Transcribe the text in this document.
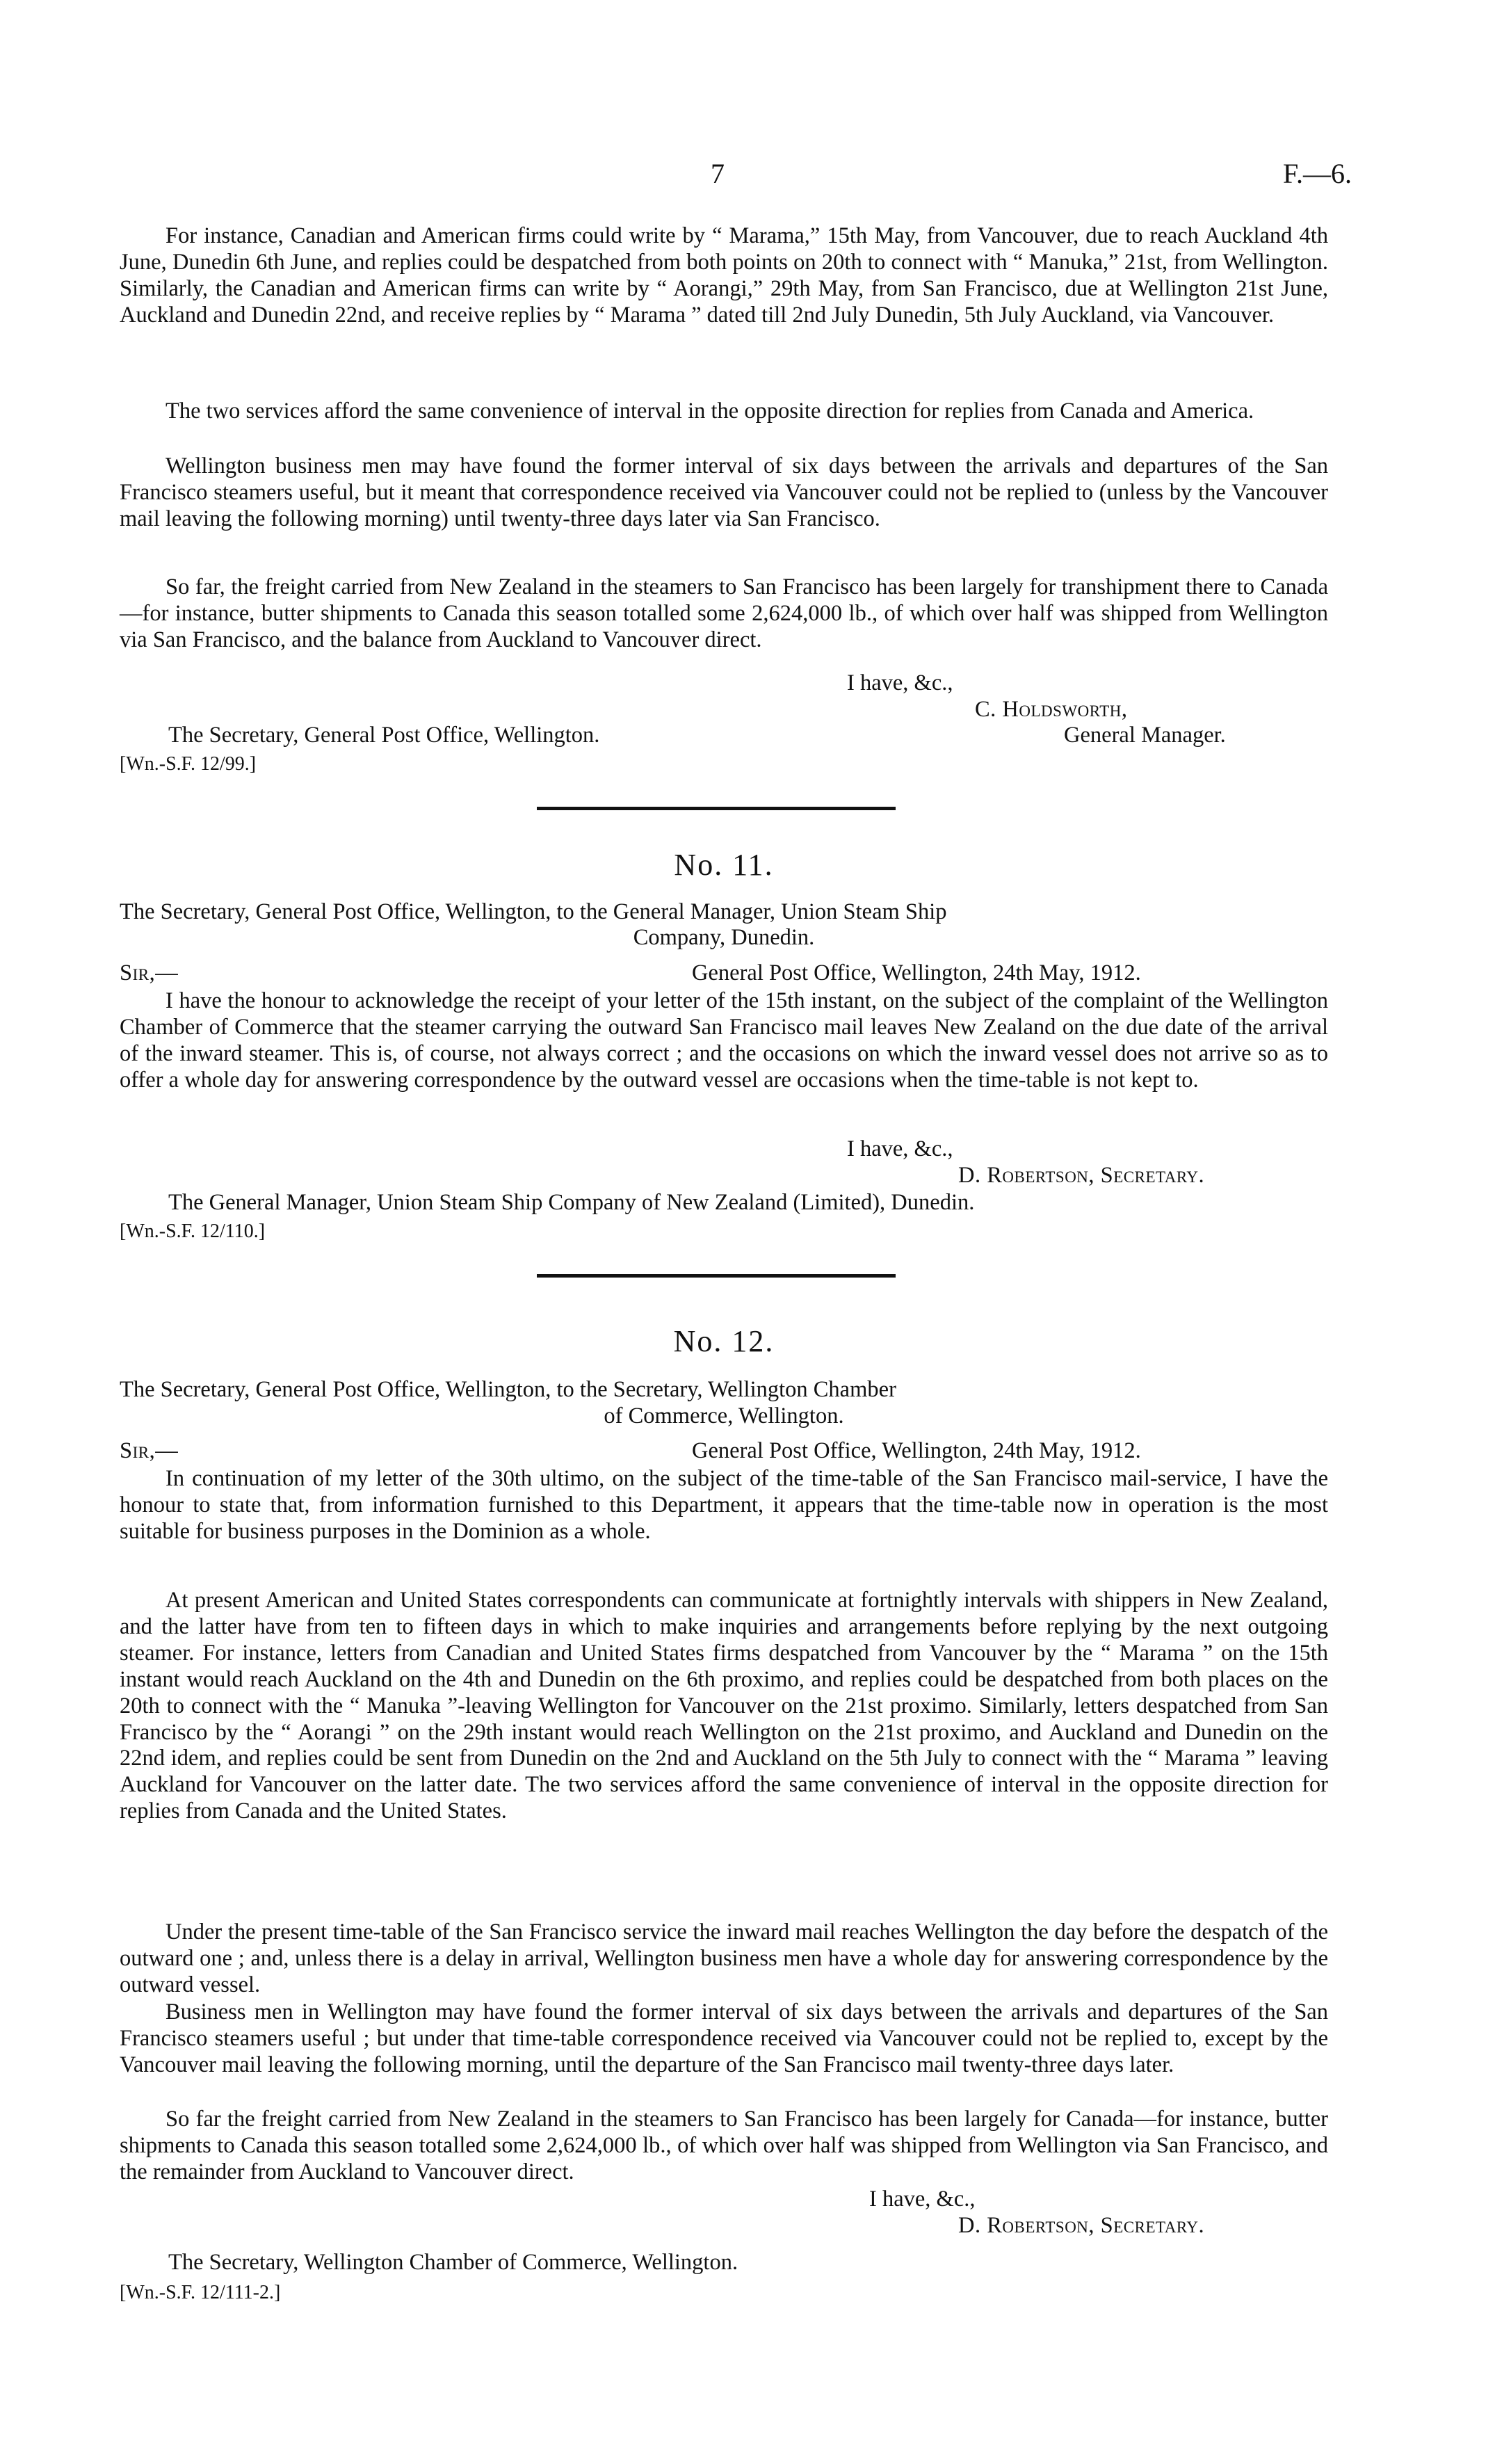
7	F.—6.

For instance, Canadian and American firms could write by “ Marama,” 15th May, from Vancouver, due to reach Auckland 4th June, Dunedin 6th June, and replies could be despatched from both points on 20th to connect with “ Manuka,” 21st, from Wellington. Similarly, the Canadian and American firms can write by “ Aorangi,” 29th May, from San Francisco, due at Wellington 21st June, Auckland and Dunedin 22nd, and receive replies by “ Marama ” dated till 2nd July Dunedin, 5th July Auckland, via Vancouver.

The two services afford the same convenience of interval in the opposite direction for replies from Canada and America.

Wellington business men may have found the former interval of six days between the arrivals and departures of the San Francisco steamers useful, but it meant that correspondence received via Vancouver could not be replied to (unless by the Vancouver mail leaving the following morning) until twenty-three days later via San Francisco.

So far, the freight carried from New Zealand in the steamers to San Francisco has been largely for transhipment there to Canada—for instance, butter shipments to Canada this season totalled some 2,624,000 lb., of which over half was shipped from Wellington via San Francisco, and the balance from Auckland to Vancouver direct.

I have, &c.,
C. Holdsworth,
The Secretary, General Post Office, Wellington.	General Manager.
[Wn.-S.F. 12/99.]
No. 11.

The Secretary, General Post Office, Wellington, to the General Manager, Union Steam Ship

Company, Dunedin.

Sir,—	General Post Office, Wellington, 24th May, 1912.

I have the honour to acknowledge the receipt of your letter of the 15th instant, on the subject of the complaint of the Wellington Chamber of Commerce that the steamer carrying the outward San Francisco mail leaves New Zealand on the due date of the arrival of the inward steamer. This is, of course, not always correct ; and the occasions on which the inward vessel does not arrive so as to offer a whole day for answering correspondence by the outward vessel are occasions when the time-table is not kept to.

I have, &c.,
D. Robertson, Secretary.
The General Manager, Union Steam Ship Company of New Zealand (Limited), Dunedin.
[Wn.-S.F. 12/110.]
No. 12.

The Secretary, General Post Office, Wellington, to the Secretary, Wellington Chamber

of Commerce, Wellington.

Sir,—	General Post Office, Wellington, 24th May, 1912.

In continuation of my letter of the 30th ultimo, on the subject of the time-table of the San Francisco mail-service, I have the honour to state that, from information furnished to this Department, it appears that the time-table now in operation is the most suitable for business purposes in the Dominion as a whole.

At present American and United States correspondents can communicate at fortnightly intervals with shippers in New Zealand, and the latter have from ten to fifteen days in which to make inquiries and arrangements before replying by the next outgoing steamer. For instance, letters from Canadian and United States firms despatched from Vancouver by the “ Marama ” on the 15th instant would reach Auckland on the 4th and Dunedin on the 6th proximo, and replies could be despatched from both places on the 20th to connect with the “ Manuka ”-leaving Wellington for Vancouver on the 21st proximo. Similarly, letters despatched from San Francisco by the “ Aorangi ” on the 29th instant would reach Wellington on the 21st proximo, and Auckland and Dunedin on the 22nd idem, and replies could be sent from Dunedin on the 2nd and Auckland on the 5th July to connect with the “ Marama ” leaving Auckland for Vancouver on the latter date. The two services afford the same convenience of interval in the opposite direction for replies from Canada and the United States.

Under the present time-table of the San Francisco service the inward mail reaches Wellington the day before the despatch of the outward one ; and, unless there is a delay in arrival, Wellington business men have a whole day for answering correspondence by the outward vessel.

Business men in Wellington may have found the former interval of six days between the arrivals and departures of the San Francisco steamers useful ; but under that time-table correspondence received via Vancouver could not be replied to, except by the Vancouver mail leaving the following morning, until the departure of the San Francisco mail twenty-three days later.

So far the freight carried from New Zealand in the steamers to San Francisco has been largely for Canada—for instance, butter shipments to Canada this season totalled some 2,624,000 lb., of which over half was shipped from Wellington via San Francisco, and the remainder from Auckland to Vancouver direct.

I have, &c.,
D. Robertson, Secretary.
The Secretary, Wellington Chamber of Commerce, Wellington.
[Wn.-S.F. 12/111-2.]
